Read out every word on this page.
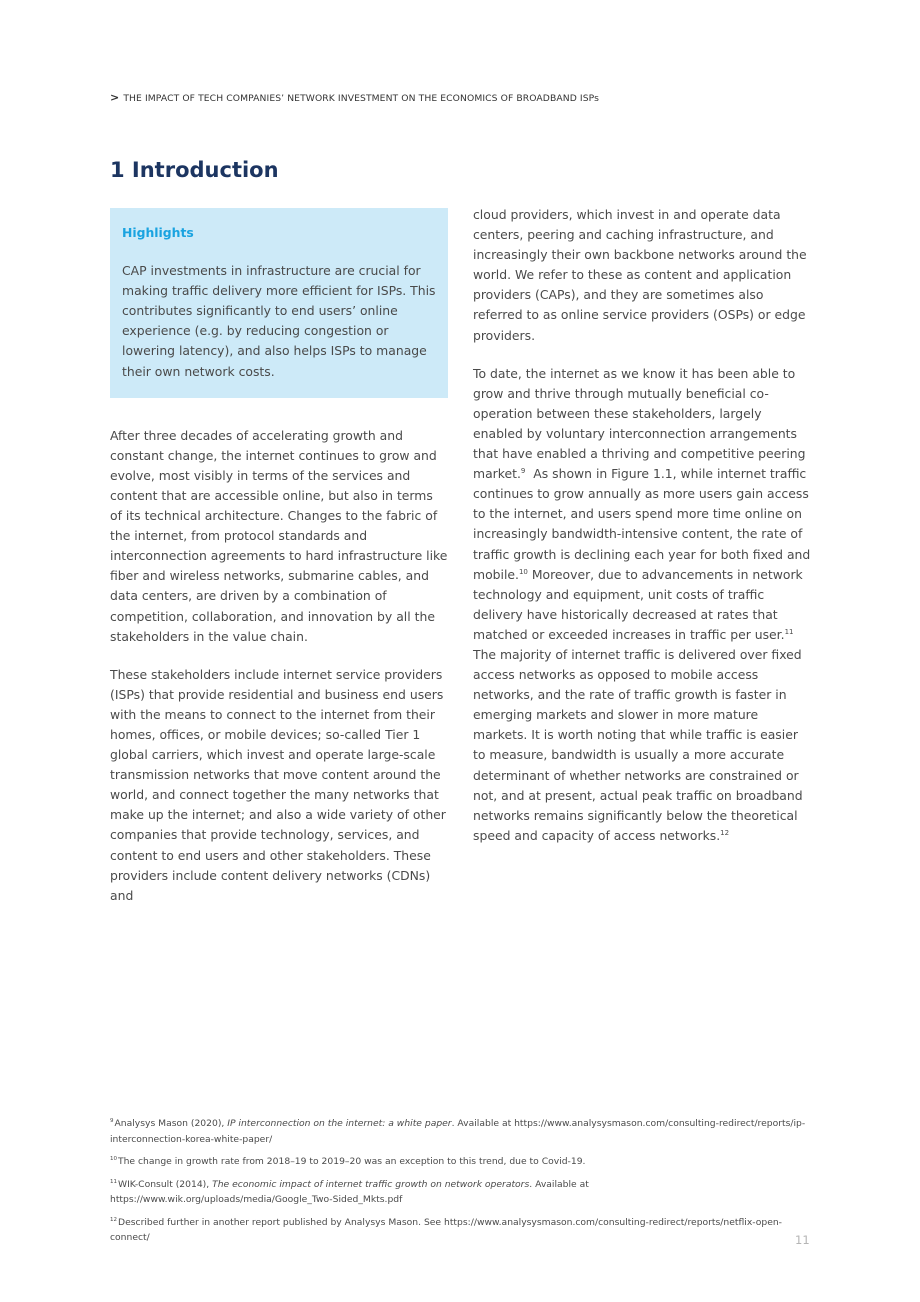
> THE IMPACT OF TECH COMPANIES’ NETWORK INVESTMENT ON THE ECONOMICS OF BROADBAND ISPs
1 Introduction
Highlights

CAP investments in infrastructure are crucial for making traffic delivery more efficient for ISPs. This contributes significantly to end users’ online experience (e.g. by reducing congestion or lowering latency), and also helps ISPs to manage their own network costs.

After three decades of accelerating growth and constant change, the internet continues to grow and evolve, most visibly in terms of the services and content that are accessible online, but also in terms of its technical architecture. Changes to the fabric of the internet, from protocol standards and interconnection agreements to hard infrastructure like fiber and wireless networks, submarine cables, and data centers, are driven by a combination of competition, collaboration, and innovation by all the stakeholders in the value chain.

These stakeholders include internet service providers (ISPs) that provide residential and business end users with the means to connect to the internet from their homes, offices, or mobile devices; so-called Tier 1 global carriers, which invest and operate large-scale transmission networks that move content around the world, and connect together the many networks that make up the internet; and also a wide variety of other companies that provide technology, services, and content to end users and other stakeholders. These providers include content delivery networks (CDNs) and

cloud providers, which invest in and operate data centers, peering and caching infrastructure, and increasingly their own backbone networks around the world. We refer to these as content and application providers (CAPs), and they are sometimes also referred to as online service providers (OSPs) or edge providers.

To date, the internet as we know it has been able to grow and thrive through mutually beneficial co-operation between these stakeholders, largely enabled by voluntary interconnection arrangements that have enabled a thriving and competitive peering market.$^9$  As shown in Figure 1.1, while internet traffic continues to grow annually as more users gain access to the internet, and users spend more time online on increasingly bandwidth-intensive content, the rate of traffic growth is declining each year for both fixed and mobile.$^{10}$ Moreover, due to advancements in network technology and equipment, unit costs of traffic delivery have historically decreased at rates that matched or exceeded increases in traffic per user.$^{11}$ The majority of internet traffic is delivered over fixed access networks as opposed to mobile access networks, and the rate of traffic growth is faster in emerging markets and slower in more mature markets. It is worth noting that while traffic is easier to measure, bandwidth is usually a more accurate determinant of whether networks are constrained or not, and at present, actual peak traffic on broadband networks remains significantly below the theoretical speed and capacity of access networks.$^{12}$

$^9$Analysys Mason (2020), IP interconnection on the internet: a white paper. Available at https://www.analysysmason.com/consulting-redirect/reports/ip-interconnection-korea-white-paper/

$^{10}$The change in growth rate from 2018–19 to 2019–20 was an exception to this trend, due to Covid-19.

$^{11}$WIK-Consult (2014), The economic impact of internet traffic growth on network operators. Available at https://www.wik.org/uploads/media/Google_Two-Sided_Mkts.pdf

$^{12}$Described further in another report published by Analysys Mason. See https://www.analysysmason.com/consulting-redirect/reports/netflix-open-connect/	11
